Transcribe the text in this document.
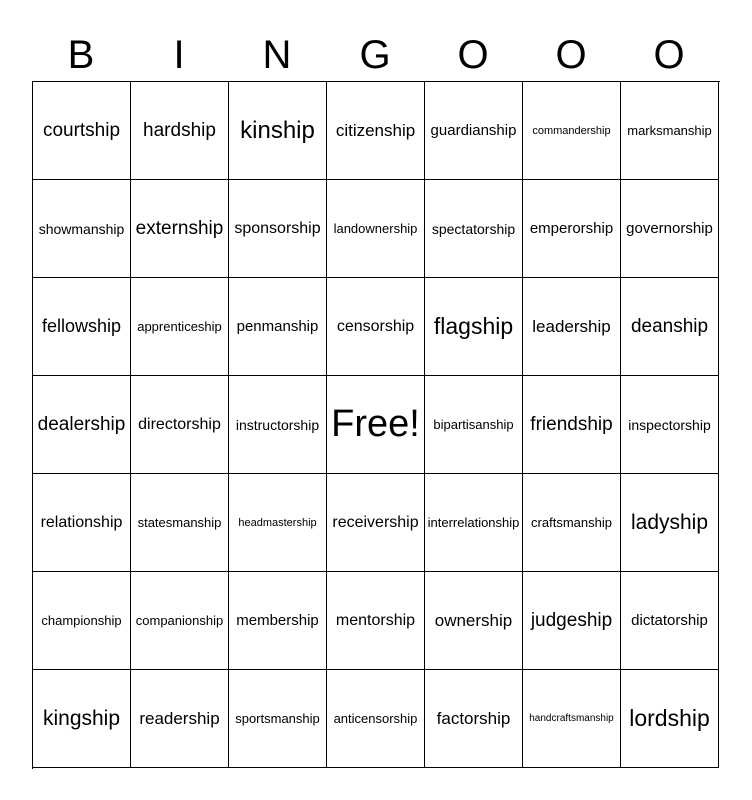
B	I	N	G	O	O	O
courtship	hardship	kinship	citizenship	guardianship	commandership	marksmanship
showmanship externship sponsorship landownership	spectatorship emperorship governorship
fellowship	apprenticeship penmanship	censorship flagship	leadership	deanship
dealership directorship	instructorship Free!	bipartisanship friendship	inspectorship
relationship	statesmanship	headmastership receivership interrelationship craftsmanship ladyship
championship	companionship membership	mentorship	ownership judgeship	dictatorship
kingship	readership	sportsmanship	anticensorship	factorship	handcraftsmanship lordship
